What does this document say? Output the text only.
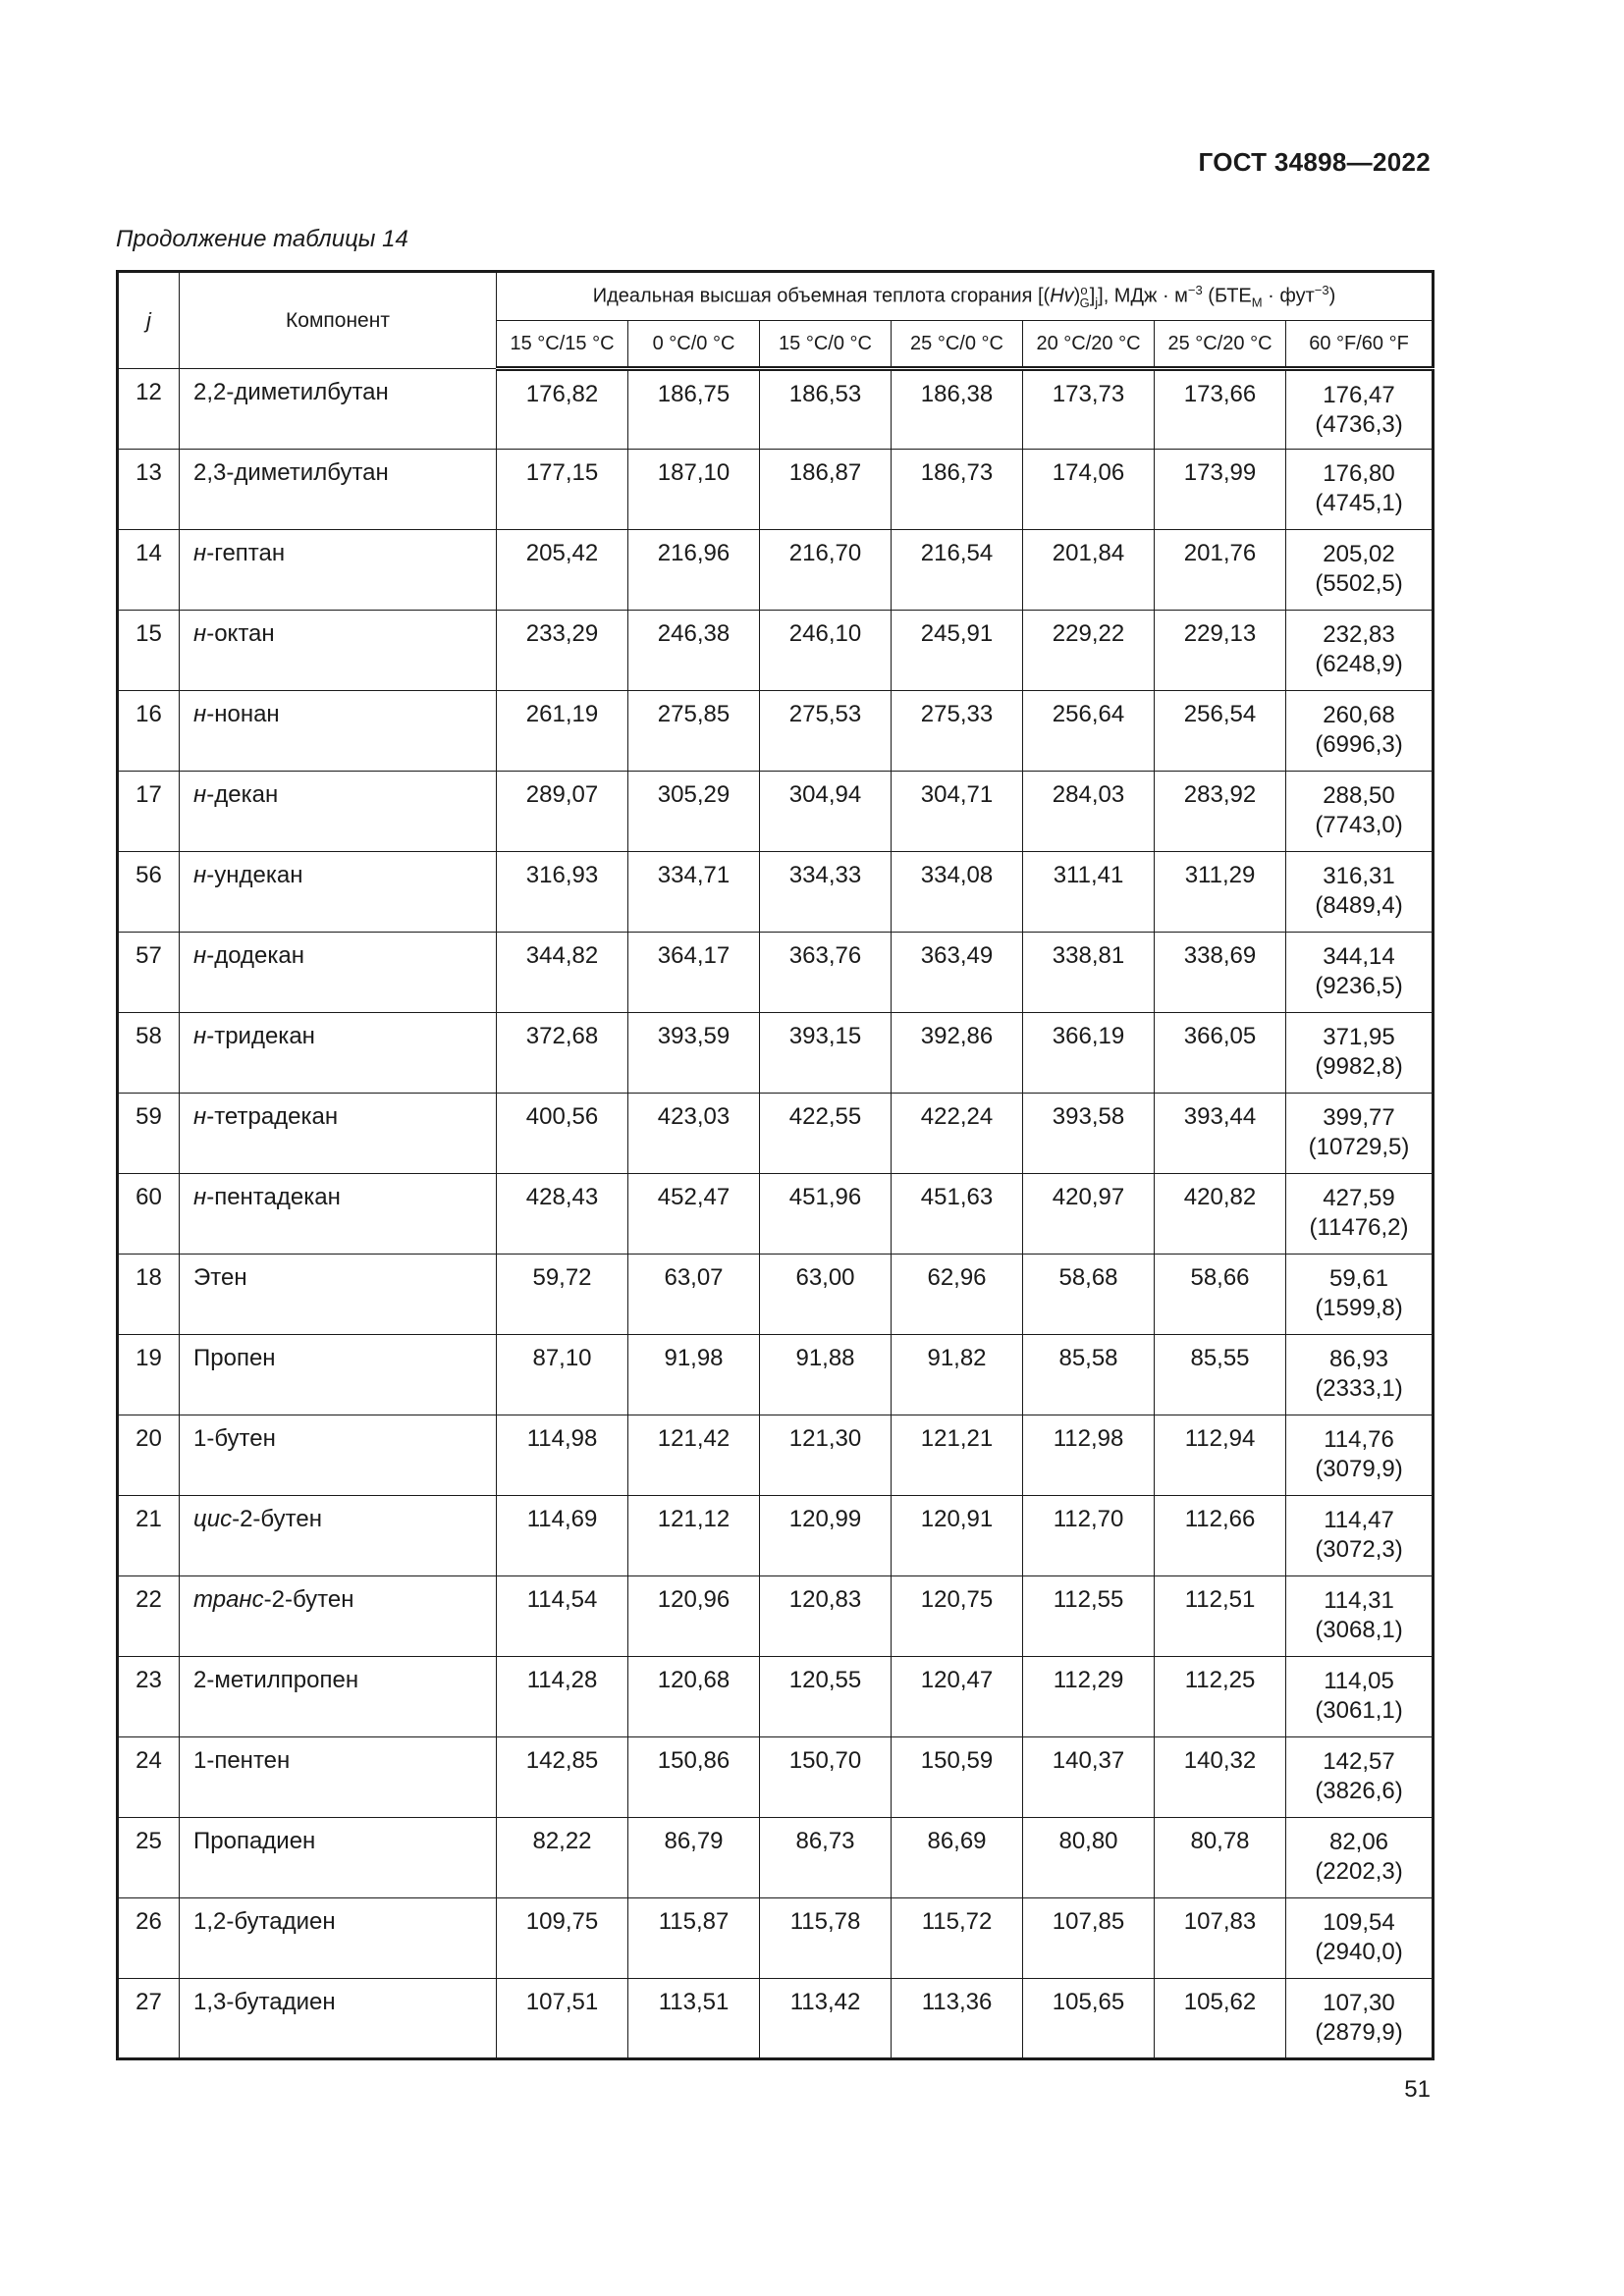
ГОСТ 34898—2022
Продолжение таблицы 14
j	Компонент	Идеальная высшая объемная теплота сгорания $[(Hv)^o_G]_j$], МДж · $м^{-3}$ $(БТЕ_М \cdot фут^{-3})$						
		15 °C/15 °C	0 °C/0 °C	15 °C/0 °C	25 °C/0 °C	20 °C/20 °C	25 °C/20 °C	60 °F/60 °F
12	2,2-диметилбутан	176,82	186,75	186,53	186,38	173,73	173,66	176,47
(4736,3)

13	2,3-диметилбутан	177,15	187,10	186,87	186,73	174,06	173,99	176,80
(4745,1)

14	н-гептан	205,42	216,96	216,70	216,54	201,84	201,76	205,02
(5502,5)

15	н-октан	233,29	246,38	246,10	245,91	229,22	229,13	232,83
(6248,9)

16	н-нонан	261,19	275,85	275,53	275,33	256,64	256,54	260,68
(6996,3)

17	н-декан	289,07	305,29	304,94	304,71	284,03	283,92	288,50
(7743,0)

56	н-ундекан	316,93	334,71	334,33	334,08	311,41	311,29	316,31
(8489,4)

57	н-додекан	344,82	364,17	363,76	363,49	338,81	338,69	344,14
(9236,5)

58	н-тридекан	372,68	393,59	393,15	392,86	366,19	366,05	371,95
(9982,8)

59	н-тетрадекан	400,56	423,03	422,55	422,24	393,58	393,44	399,77
(10729,5)

60	н-пентадекан	428,43	452,47	451,96	451,63	420,97	420,82	427,59
(11476,2)

18	Этен	59,72	63,07	63,00	62,96	58,68	58,66	59,61
(1599,8)

19	Пропен	87,10	91,98	91,88	91,82	85,58	85,55	86,93
(2333,1)

20	1-бутен	114,98	121,42	121,30	121,21	112,98	112,94	114,76
(3079,9)

21	цис-2-бутен	114,69	121,12	120,99	120,91	112,70	112,66	114,47
(3072,3)

22	транс-2-бутен	114,54	120,96	120,83	120,75	112,55	112,51	114,31
(3068,1)

23	2-метилпропен	114,28	120,68	120,55	120,47	112,29	112,25	114,05
(3061,1)

24	1-пентен	142,85	150,86	150,70	150,59	140,37	140,32	142,57
(3826,6)

25	Пропадиен	82,22	86,79	86,73	86,69	80,80	80,78	82,06
(2202,3)

26	1,2-бутадиен	109,75	115,87	115,78	115,72	107,85	107,83	109,54
(2940,0)

27	1,3-бутадиен	107,51	113,51	113,42	113,36	105,65	105,62	107,30
(2879,9)
51
